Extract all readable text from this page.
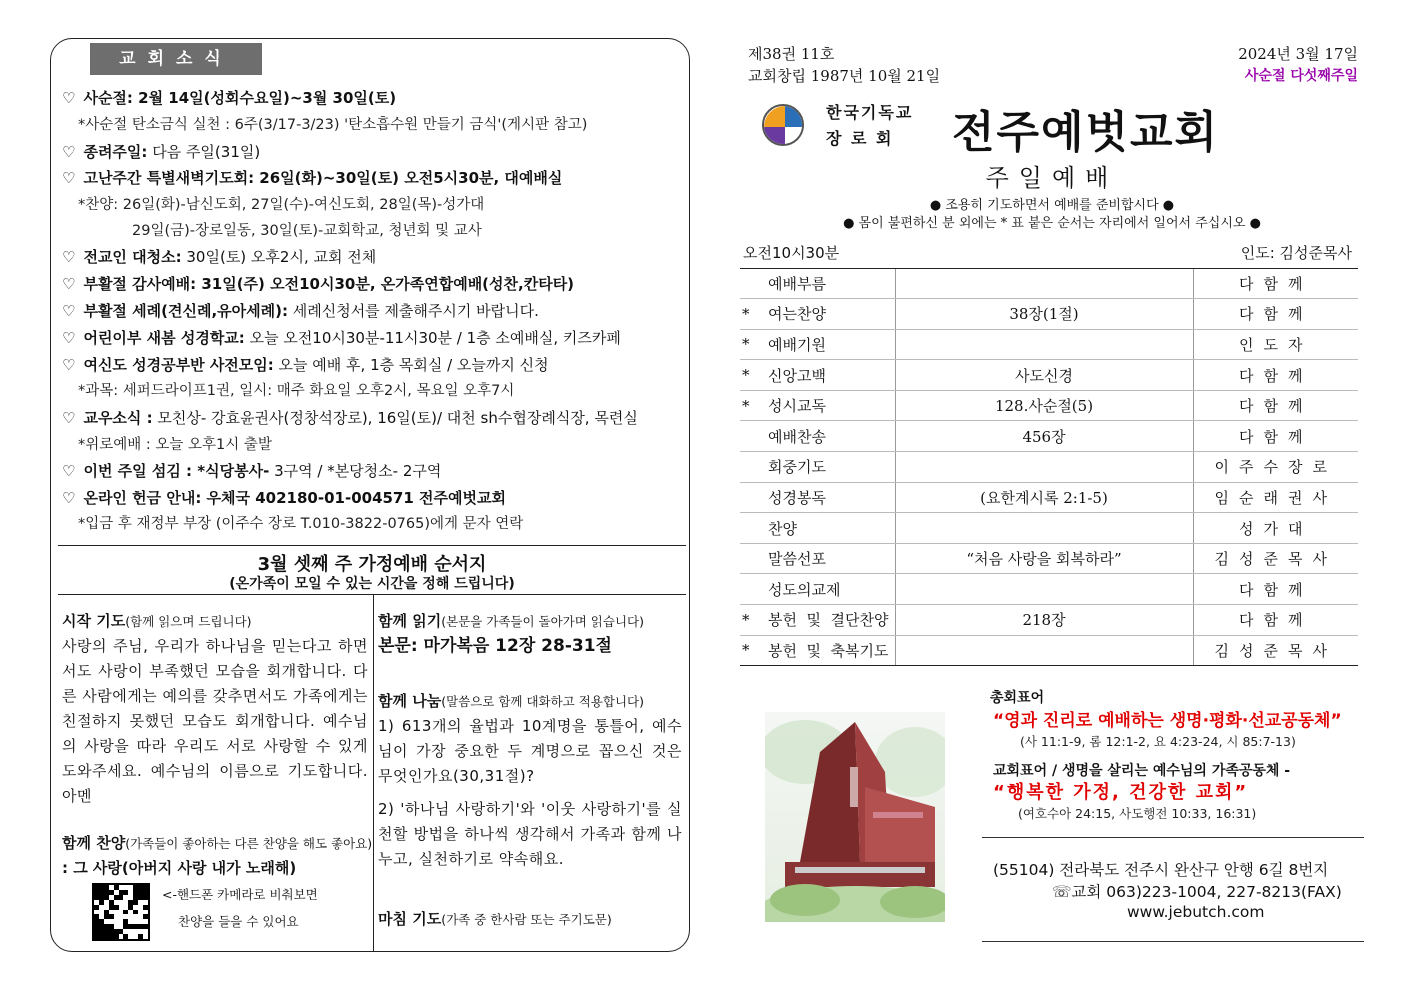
교회소식
♡ 사순절: 2월 14일(성회수요일)~3월 30일(토)
*사순절 탄소금식 실천 : 6주(3/17-3/23) '탄소흡수원 만들기 금식'(게시판 참고)
♡ 종려주일: 다음 주일(31일)
♡ 고난주간 특별새벽기도회: 26일(화)~30일(토) 오전5시30분, 대예배실
*찬양: 26일(화)-남신도회, 27일(수)-여신도회, 28일(목)-성가대
29일(금)-장로일동, 30일(토)-교회학교, 청년회 및 교사
♡ 전교인 대청소: 30일(토) 오후2시, 교회 전체
♡ 부활절 감사예배: 31일(주) 오전10시30분, 온가족연합예배(성찬,칸타타)
♡ 부활절 세례(견신례,유아세례): 세례신청서를 제출해주시기 바랍니다.
♡ 어린이부 새봄 성경학교: 오늘 오전10시30분-11시30분 / 1층 소예배실, 키즈카페
♡ 여신도 성경공부반 사전모임: 오늘 예배 후, 1층 목회실 / 오늘까지 신청
*과목: 세퍼드라이프1권, 일시: 매주 화요일 오후2시, 목요일 오후7시
♡ 교우소식 : 모친상- 강효윤권사(정창석장로), 16일(토)/ 대천 sh수협장례식장, 목련실
*위로예배 : 오늘 오후1시 출발
♡ 이번 주일 섬김 : *식당봉사- 3구역 / *본당청소- 2구역
♡ 온라인 헌금 안내: 우체국 402180-01-004571 전주예벗교회
*입금 후 재정부 부장 (이주수 장로 T.010-3822-0765)에게 문자 연락
3월 셋째 주 가정예배 순서지
(온가족이 모일 수 있는 시간을 정해 드립니다)
시작 기도(함께 읽으며 드립니다)
사랑의 주님, 우리가 하나님을 믿는다고 하면서도 사랑이 부족했던 모습을 회개합니다. 다른 사람에게는 예의를 갖추면서도 가족에게는 친절하지 못했던 모습도 회개합니다. 예수님의 사랑을 따라 우리도 서로 사랑할 수 있게 도와주세요. 예수님의 이름으로 기도합니다. 아멘
함께 찬양(가족들이 좋아하는 다른 찬양을 해도 좋아요)
: 그 사랑(아버지 사랑 내가 노래해)
<-핸드폰 카메라로 비춰보면
찬양을 들을 수 있어요
함께 읽기(본문을 가족들이 돌아가며 읽습니다)
본문: 마가복음 12장 28-31절
함께 나눔(말씀으로 함께 대화하고 적용합니다)
1) 613개의 율법과 10계명을 통틀어, 예수님이 가장 중요한 두 계명으로 꼽으신 것은 무엇인가요(30,31절)?
2) '하나님 사랑하기'와 '이웃 사랑하기'를 실천할 방법을 하나씩 생각해서 가족과 함께 나누고, 실천하기로 약속해요.
마침 기도(가족 중 한사람 또는 주기도문)
제38권 11호
교회창립 1987년 10월 21일
2024년 3월 17일
사순절 다섯째주일
한국기독교
장 로 회	전주예벗교회
주일예배
● 조용히 기도하면서 예배를 준비합시다 ●
● 몸이 불편하신 분 외에는 * 표 붙은 순서는 자리에서 일어서 주십시오 ●
오전10시30분			인도: 김성준목사
	예배부름		다함께
*	여는찬양	38장(1절)	다함께
*	예배기원		인도자
*	신앙고백	사도신경	다함께
*	성시교독	128.사순절(5)	다함께
	예배찬송	456장	다함께
	회중기도		이주수장로
	성경봉독	(요한계시록 2:1-5)	임순래권사
	찬양		성가대
	말씀선포	“처음 사랑을 회복하라”	김성준목사
	성도의교제		다함께
*	봉헌 및 결단찬양	218장	다함께
*	봉헌 및 축복기도		김성준목사
총회표어
“영과 진리로 예배하는 생명·평화·선교공동체”
(사 11:1-9, 롬 12:1-2, 요 4:23-24, 시 85:7-13)
교회표어 / 생명을 살리는 예수님의 가족공동체 -
“행복한 가정, 건강한 교회”
(여호수아 24:15, 사도행전 10:33, 16:31)
(55104) 전라북도 전주시 완산구 안행 6길 8번지
☏교회 063)223-1004, 227-8213(FAX)
www.jebutch.com
